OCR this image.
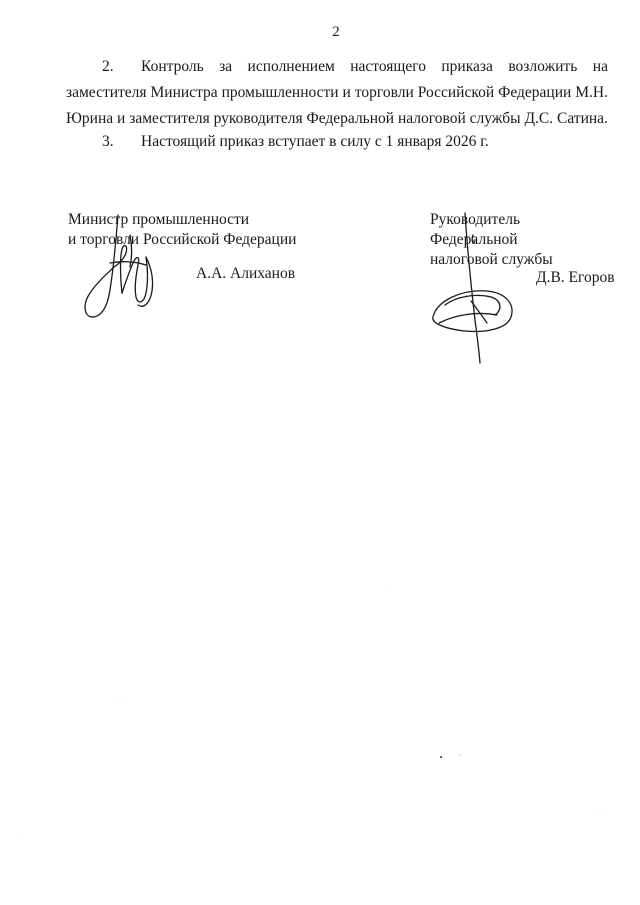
2

2. Контроль за исполнением настоящего приказа возложить на заместителя Министра промышленности и торговли Российской Федерации М.Н. Юрина и заместителя руководителя Федеральной налоговой службы Д.С. Сатина.

3. Настоящий приказ вступает в силу с 1 января 2026 г.

Министр промышленности
и торговли Российской Федерации
А.А. Алиханов
Руководитель Федеральной
налоговой службы
Д.В. Егоров
